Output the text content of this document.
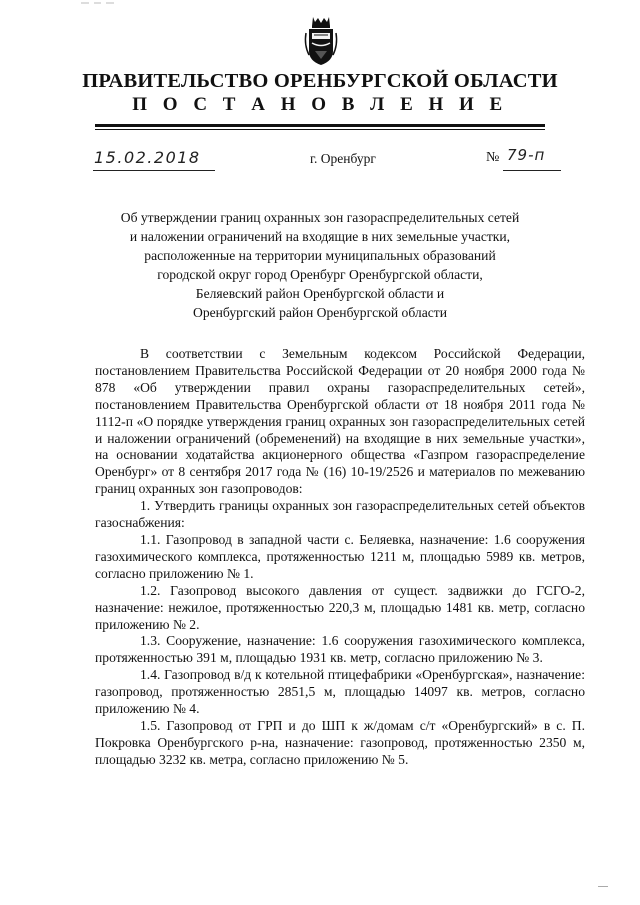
ПРАВИТЕЛЬСТВО ОРЕНБУРГСКОЙ ОБЛАСТИ
П О С Т А Н О В Л Е Н И Е
15.02.2018	г. Оренбург	№ 79-п
Об утверждении границ охранных зон газораспределительных сетей
и наложении ограничений на входящие в них земельные участки,
расположенные на территории муниципальных образований
городской округ город Оренбург Оренбургской области,
Беляевский район Оренбургской области и
Оренбургский район Оренбургской области

В соответствии с Земельным кодексом Российской Федерации, постановлением Правительства Российской Федерации от 20 ноября 2000 года № 878 «Об утверждении правил охраны газораспределительных сетей», постановлением Правительства Оренбургской области от 18 ноября 2011 года № 1112-п «О порядке утверждения границ охранных зон газораспределительных сетей и наложении ограничений (обременений) на входящие в них земельные участки», на основании ходатайства акционерного общества «Газпром газораспределение Оренбург» от 8 сентября 2017 года № (16) 10-19/2526 и материалов по межеванию границ охранных зон газопроводов:

1. Утвердить границы охранных зон газораспределительных сетей объектов газоснабжения:

1.1. Газопровод в западной части с. Беляевка, назначение: 1.6 сооружения газохимического комплекса, протяженностью 1211 м, площадью 5989 кв. метров, согласно приложению № 1.

1.2. Газопровод высокого давления от сущест. задвижки до ГСГО-2, назначение: нежилое, протяженностью 220,3 м, площадью 1481 кв. метр, согласно приложению № 2.

1.3. Сооружение, назначение: 1.6 сооружения газохимического комплекса, протяженностью 391 м, площадью 1931 кв. метр, согласно приложению № 3.

1.4. Газопровод в/д к котельной птицефабрики «Оренбургская», назначение: газопровод, протяженностью 2851,5 м, площадью 14097 кв. метров, согласно приложению № 4.

1.5. Газопровод от ГРП и до ШП к ж/домам с/т «Оренбургский» в с. П. Покровка Оренбургского р-на, назначение: газопровод, протяженностью 2350 м, площадью 3232 кв. метра, согласно приложению № 5.
